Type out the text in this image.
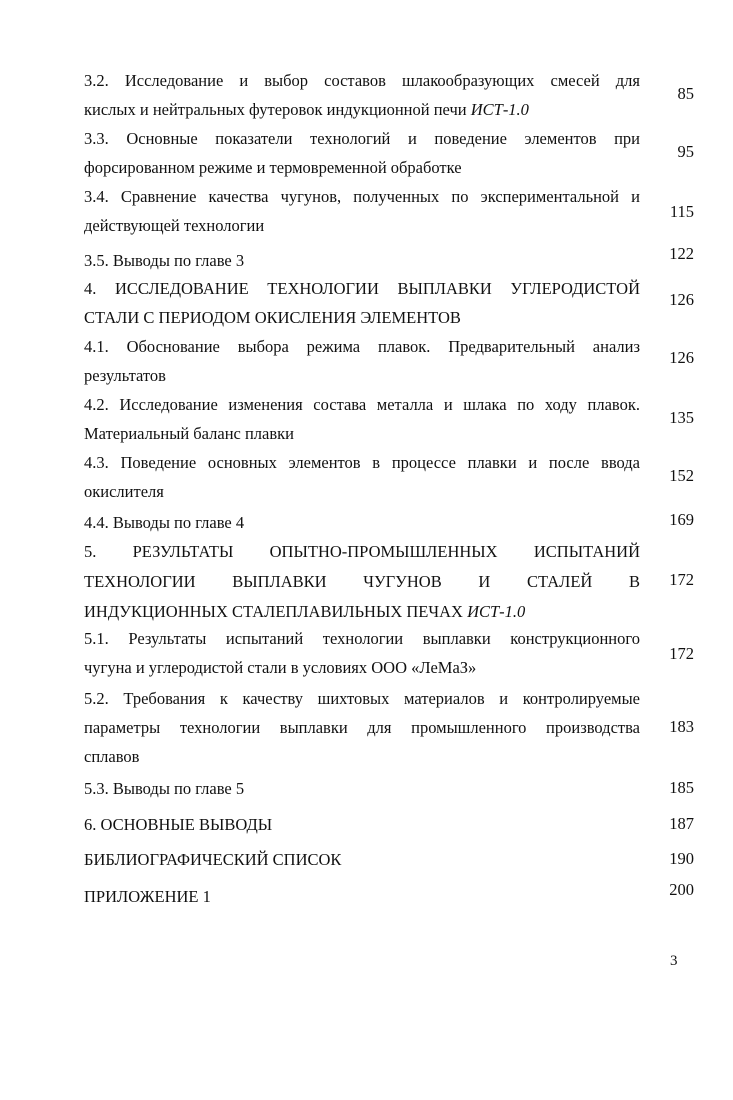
3.2. Исследование и выбор составов шлакообразующих смесей для
кислых и нейтральных футеровок индукционной печи ИСТ-1.0
85
3.3. Основные показатели технологий и поведение элементов при
форсированном режиме и термовременной обработке
95
3.4. Сравнение качества чугунов, полученных по экспериментальной и
действующей технологии
115
3.5. Выводы по главе 3	122
4. ИССЛЕДОВАНИЕ ТЕХНОЛОГИИ ВЫПЛАВКИ УГЛЕРОДИСТОЙ
СТАЛИ С ПЕРИОДОМ ОКИСЛЕНИЯ ЭЛЕМЕНТОВ
126
4.1. Обоснование выбора режима плавок. Предварительный анализ
результатов
126
4.2. Исследование изменения состава металла и шлака по ходу плавок.
Материальный баланс плавки
135
4.3. Поведение основных элементов в процессе плавки и после ввода
окислителя
152
4.4. Выводы по главе 4	169
5. РЕЗУЛЬТАТЫ ОПЫТНО-ПРОМЫШЛЕННЫХ ИСПЫТАНИЙ
ТЕХНОЛОГИИ ВЫПЛАВКИ ЧУГУНОВ И СТАЛЕЙ В
ИНДУКЦИОННЫХ СТАЛЕПЛАВИЛЬНЫХ ПЕЧАХ ИСТ-1.0
172
5.1. Результаты испытаний технологии выплавки конструкционного
чугуна и углеродистой стали в условиях ООО «ЛеМаЗ»
172
5.2. Требования к качеству шихтовых материалов и контролируемые
параметры технологии выплавки для промышленного производства
сплавов
183
5.3. Выводы по главе 5	185
6. ОСНОВНЫЕ ВЫВОДЫ	187
БИБЛИОГРАФИЧЕСКИЙ СПИСОК	190
ПРИЛОЖЕНИЕ 1	200
3
